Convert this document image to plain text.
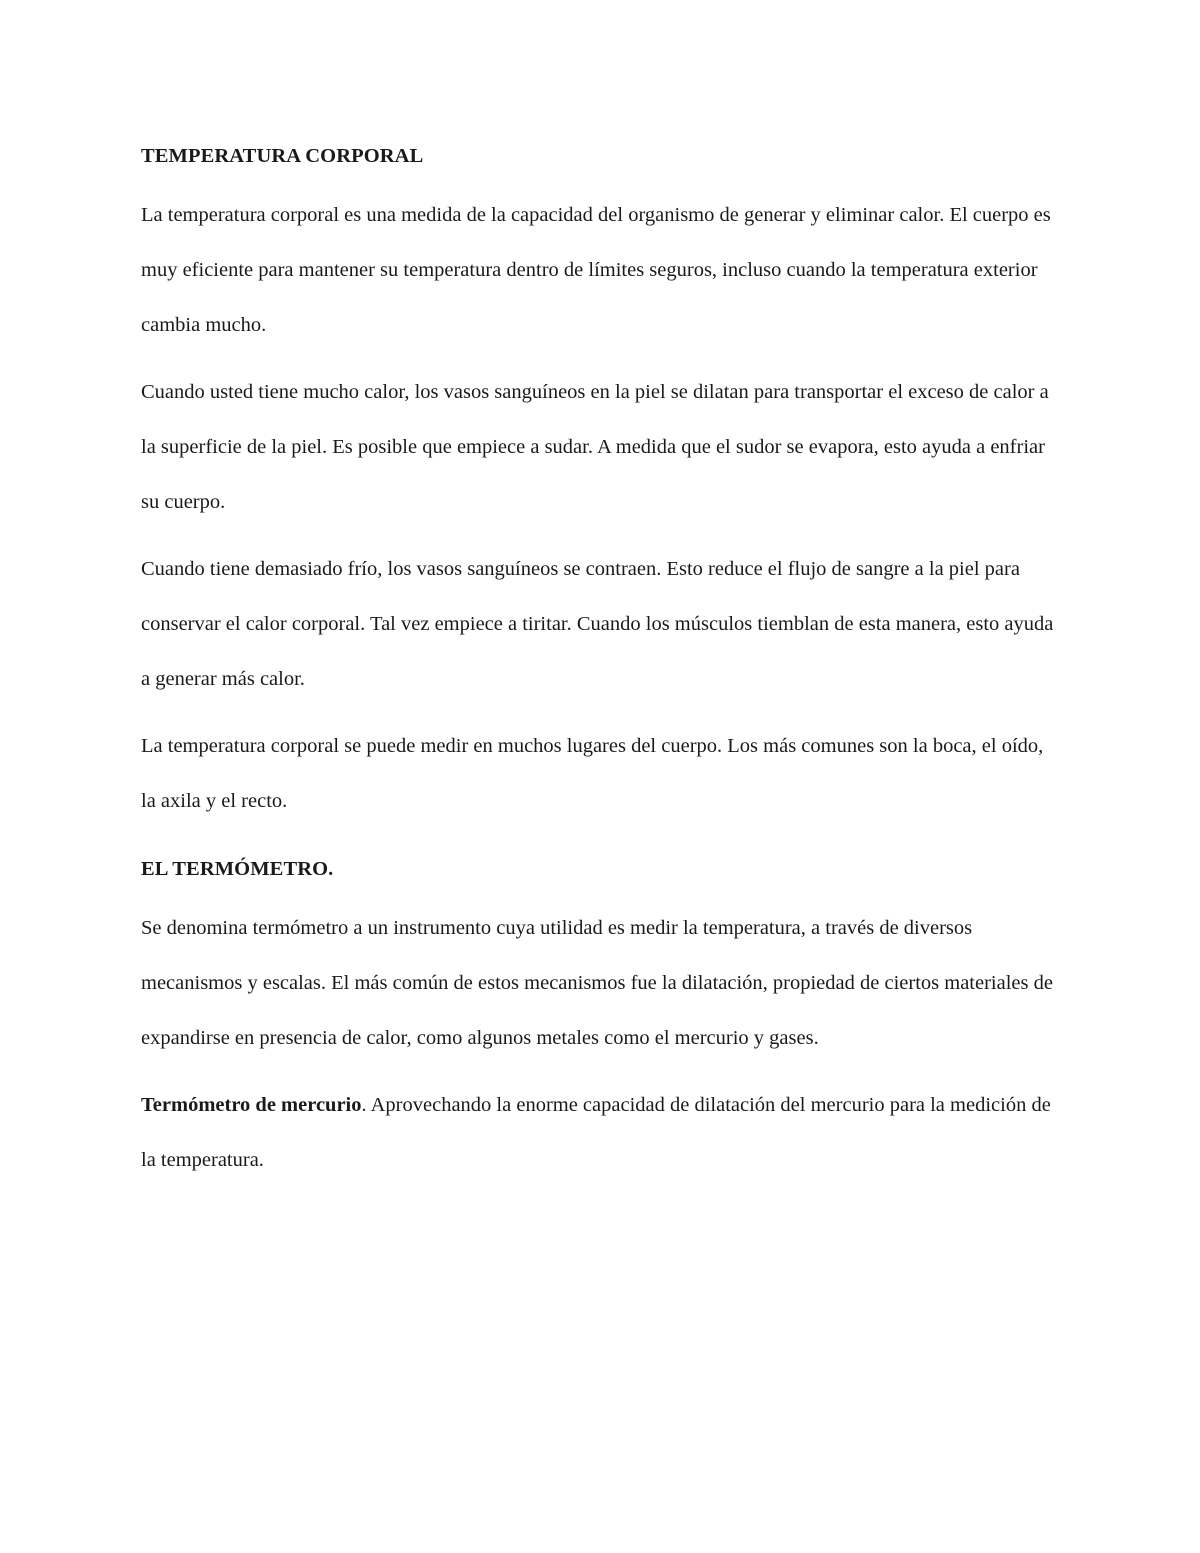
TEMPERATURA CORPORAL

La temperatura corporal es una medida de la capacidad del organismo de generar y eliminar calor. El cuerpo es muy eficiente para mantener su temperatura dentro de límites seguros, incluso cuando la temperatura exterior cambia mucho.

Cuando usted tiene mucho calor, los vasos sanguíneos en la piel se dilatan para transportar el exceso de calor a la superficie de la piel. Es posible que empiece a sudar. A medida que el sudor se evapora, esto ayuda a enfriar su cuerpo.

Cuando tiene demasiado frío, los vasos sanguíneos se contraen. Esto reduce el flujo de sangre a la piel para conservar el calor corporal. Tal vez empiece a tiritar. Cuando los músculos tiemblan de esta manera, esto ayuda a generar más calor.

La temperatura corporal se puede medir en muchos lugares del cuerpo. Los más comunes son la boca, el oído, la axila y el recto.

EL TERMÓMETRO.

Se denomina termómetro a un instrumento cuya utilidad es medir la temperatura, a través de diversos mecanismos y escalas. El más común de estos mecanismos fue la dilatación, propiedad de ciertos materiales de expandirse en presencia de calor, como algunos metales como el mercurio y gases.

Termómetro de mercurio. Aprovechando la enorme capacidad de dilatación del mercurio para la medición de la temperatura.
